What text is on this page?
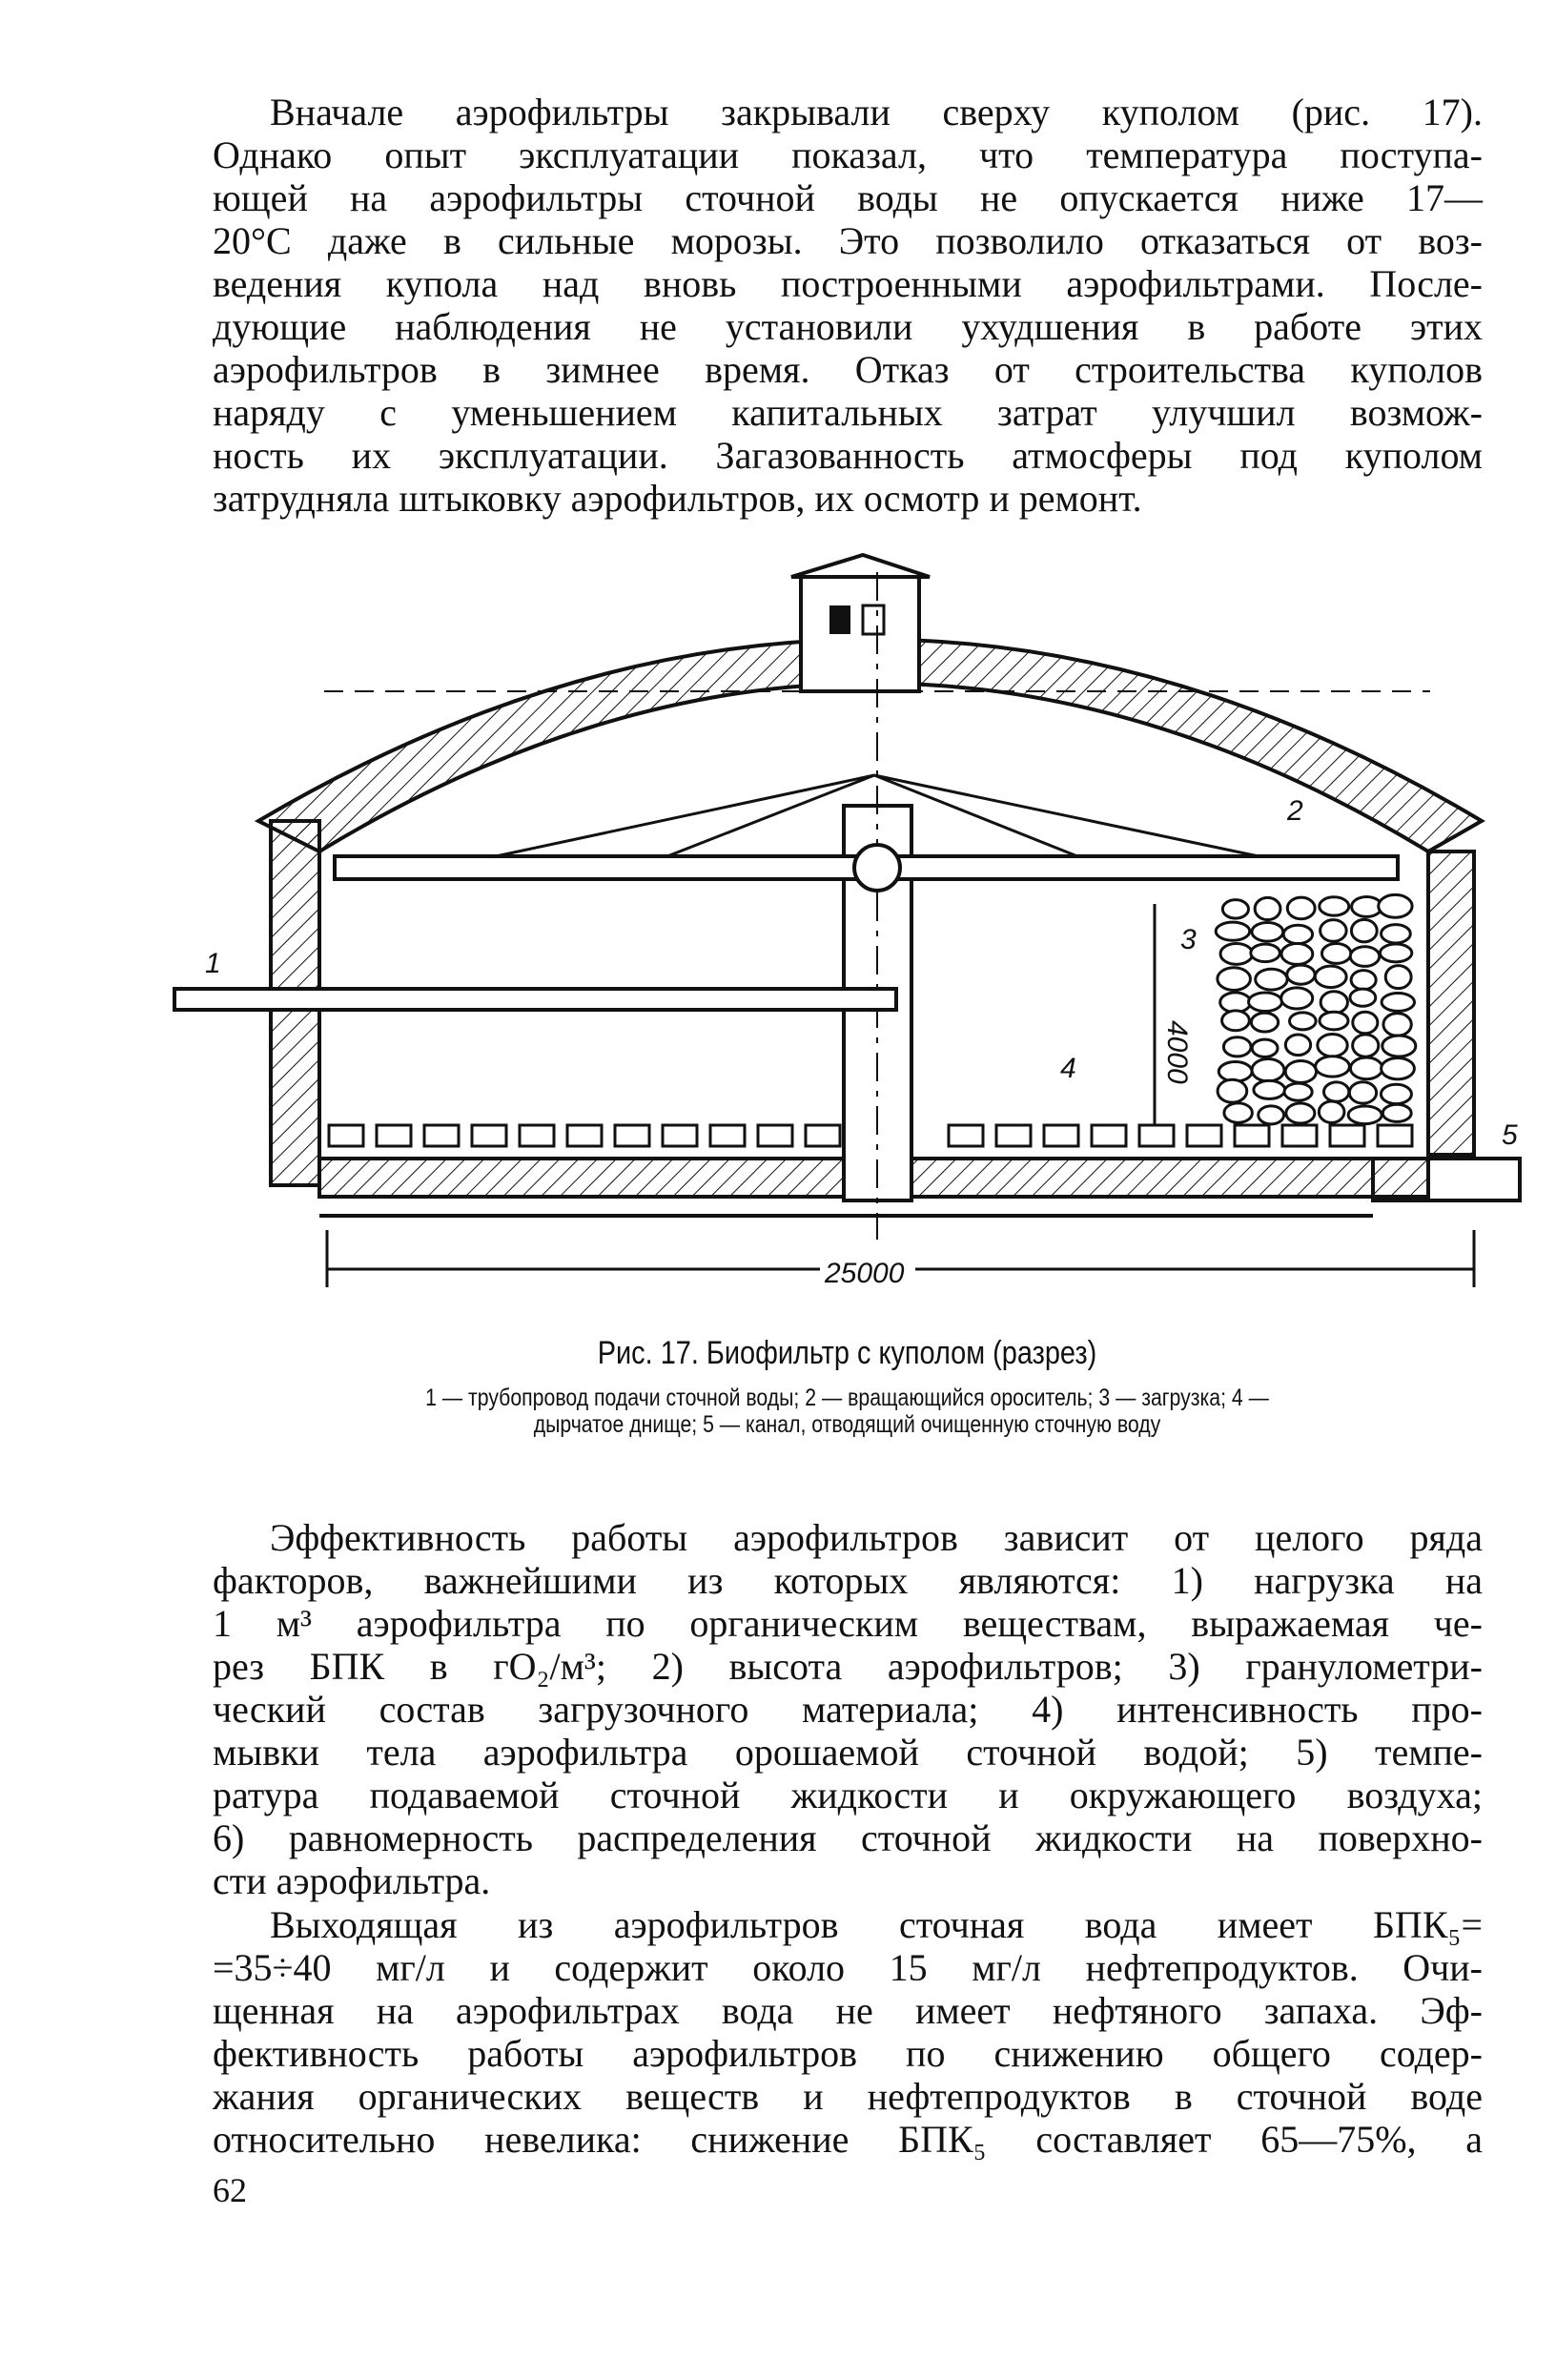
Вначале аэрофильтры закрывали сверху куполом (рис. 17).
Однако опыт эксплуатации показал, что температура поступа-
ющей на аэрофильтры сточной воды не опускается ниже 17—
20°С даже в сильные морозы. Это позволило отказаться от воз-
ведения купола над вновь построенными аэрофильтрами. После-
дующие наблюдения не установили ухудшения в работе этих
аэрофильтров в зимнее время. Отказ от строительства куполов
наряду с уменьшением капитальных затрат улучшил возмож-
ность их эксплуатации. Загазованность атмосферы под куполом
затрудняла штыковку аэрофильтров, их осмотр и ремонт.
4000
25000
1
2
3
4
5
Рис. 17. Биофильтр с куполом (разрез)
1 — трубопровод подачи сточной воды; 2 — вращающийся ороситель; 3 — загрузка; 4 —
дырчатое днище; 5 — канал, отводящий очищенную сточную воду
Эффективность работы аэрофильтров зависит от целого ряда
факторов, важнейшими из которых являются: 1) нагрузка на
1 м³ аэрофильтра по органическим веществам, выражаемая че-
рез БПК в гО₂/м³; 2) высота аэрофильтров; 3) гранулометри-
ческий состав загрузочного материала; 4) интенсивность про-
мывки тела аэрофильтра орошаемой сточной водой; 5) темпе-
ратура подаваемой сточной жидкости и окружающего воздуха;
6) равномерность распределения сточной жидкости на поверхно-
сти аэрофильтра.
Выходящая из аэрофильтров сточная вода имеет БПК₅=
=35÷40 мг/л и содержит около 15 мг/л нефтепродуктов. Очи-
щенная на аэрофильтрах вода не имеет нефтяного запаха. Эф-
фективность работы аэрофильтров по снижению общего содер-
жания органических веществ и нефтепродуктов в сточной воде
относительно невелика: снижение БПК₅ составляет 65—75%, а
62
